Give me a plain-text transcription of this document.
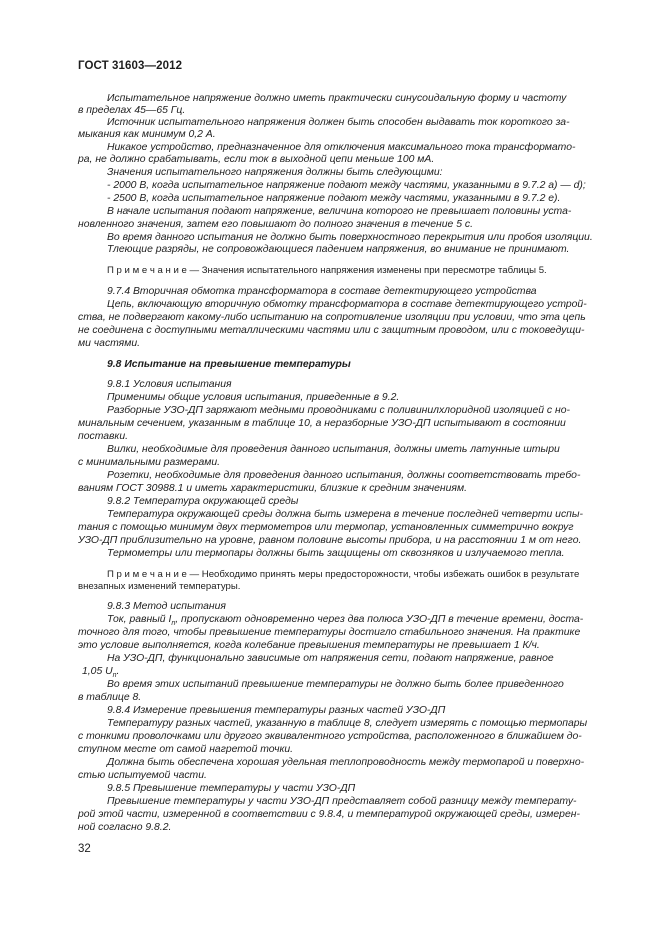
ГОСТ 31603—2012
Испытательное напряжение должно иметь практически синусоидальную форму и частоту
в пределах 45—65 Гц.
Источник испытательного напряжения должен быть способен выдавать ток короткого за-
мыкания как минимум 0,2 А.
Никакое устройство, предназначенное для отключения максимального тока трансформато-
ра, не должно срабатывать, если ток в выходной цепи меньше 100 мА.
Значения испытательного напряжения должны быть следующими:
- 2000 В, когда испытательное напряжение подают между частями, указанными в 9.7.2 а) — d);
- 2500 В, когда испытательное напряжение подают между частями, указанными в 9.7.2 е).
В начале испытания подают напряжение, величина которого не превышает половины уста-
новленного значения, затем его повышают до полного значения в течение 5 с.
Во время данного испытания не должно быть поверхностного перекрытия или пробоя изоляции.
Тлеющие разряды, не сопровождающиеся падением напряжения, во внимание не принимают.
П р и м е ч а н и е — Значения испытательного напряжения изменены при пересмотре таблицы 5.
9.7.4 Вторичная обмотка трансформатора в составе детектирующего устройства
Цепь, включающую вторичную обмотку трансформатора в составе детектирующего устрой-
ства, не подвергают какому-либо испытанию на сопротивление изоляции при условии, что эта цепь
не соединена с доступными металлическими частями или с защитным проводом, или с токоведущи-
ми частями.
9.8 Испытание на превышение температуры
9.8.1 Условия испытания
Применимы общие условия испытания, приведенные в 9.2.
Разборные УЗО-ДП заряжают медными проводниками с поливинилхлоридной изоляцией с но-
минальным сечением, указанным в таблице 10, а неразборные УЗО-ДП испытывают в состоянии
поставки.
Вилки, необходимые для проведения данного испытания, должны иметь латунные штыри
с минимальными размерами.
Розетки, необходимые для проведения данного испытания, должны соответствовать требо-
ваниям ГОСТ 30988.1 и иметь характеристики, близкие к средним значениям.
9.8.2 Температура окружающей среды
Температура окружающей среды должна быть измерена в течение последней четверти испы-
тания с помощью минимум двух термометров или термопар, установленных симметрично вокруг
УЗО-ДП приблизительно на уровне, равном половине высоты прибора, и на расстоянии 1 м от него.
Термометры или термопары должны быть защищены от сквозняков и излучаемого тепла.
П р и м е ч а н и е — Необходимо принять меры предосторожности, чтобы избежать ошибок в результате
внезапных изменений температуры.
9.8.3 Метод испытания
Ток, равный $I_n$, пропускают одновременно через два полюса УЗО-ДП в течение времени, доста-
точного для того, чтобы превышение температуры достигло стабильного значения. На практике
это условие выполняется, когда колебание превышения температуры не превышает 1 К/ч.
На УЗО-ДП, функционально зависимые от напряжения сети, подают напряжение, равное
1,05 $U_n$.
Во время этих испытаний превышение температуры не должно быть более приведенного
в таблице 8.
9.8.4 Измерение превышения температуры разных частей УЗО-ДП
Температуру разных частей, указанную в таблице 8, следует измерять с помощью термопары
с тонкими проволочками или другого эквивалентного устройства, расположенного в ближайшем до-
ступном месте от самой нагретой точки.
Должна быть обеспечена хорошая удельная теплопроводность между термопарой и поверхно-
стью испытуемой части.
9.8.5 Превышение температуры у части УЗО-ДП
Превышение температуры у части УЗО-ДП представляет собой разницу между температу-
рой этой части, измеренной в соответствии с 9.8.4, и температурой окружающей среды, измерен-
ной согласно 9.8.2.
32
